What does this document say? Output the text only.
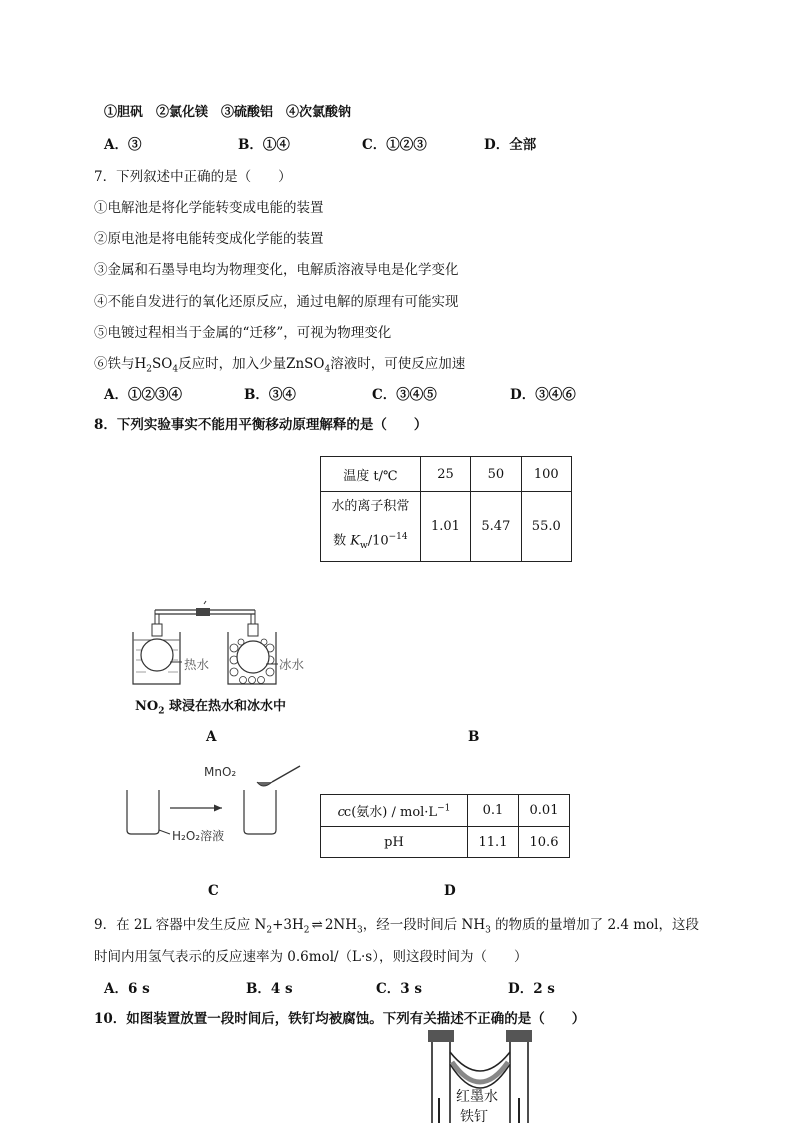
①胆矾　②氯化镁　③硫酸铝　④次氯酸钠
A．③	B．①④	C．①②③	D．全部
7．下列叙述中正确的是（　　）
①电解池是将化学能转变成电能的装置
②原电池是将电能转变成化学能的装置
③金属和石墨导电均为物理变化，电解质溶液导电是化学变化
④不能自发进行的氧化还原反应，通过电解的原理有可能实现
⑤电镀过程相当于金属的“迁移”，可视为物理变化
⑥铁与$H_2SO_4$反应时，加入少量ZnSO$_4$溶液时，可使反应加速
A．①②③④	B．③④	C．③④⑤	D．③④⑥
8．下列实验事实不能用平衡移动原理解释的是（　　）
温度 t/℃	25	50	100

水的离子积常
数 $K_w/10^{-14}$	1.01	5.47	55.0
热水	冰水
$NO_2$ 球浸在热水和冰水中
A	B
MnO₂
H₂O₂溶液
cc(氨水) / $mol\cdot L^{-1}$	0.1	0.01
pH	11.1	10.6
C	D
9．在 2L 容器中发生反应 $N_2+3H_2$ ⇌ $2NH_3$，经一段时间后 $NH_3$ 的物质的量增加了 2.4 mol，这段
时间内用氢气表示的反应速率为 0.6mol/（L·s），则这段时间为（　　）
A．6 s	B．4 s	C．3 s	D．2 s
10．如图装置放置一段时间后，铁钉均被腐蚀。下列有关描述不正确的是（　　）
红墨水
铁钉
